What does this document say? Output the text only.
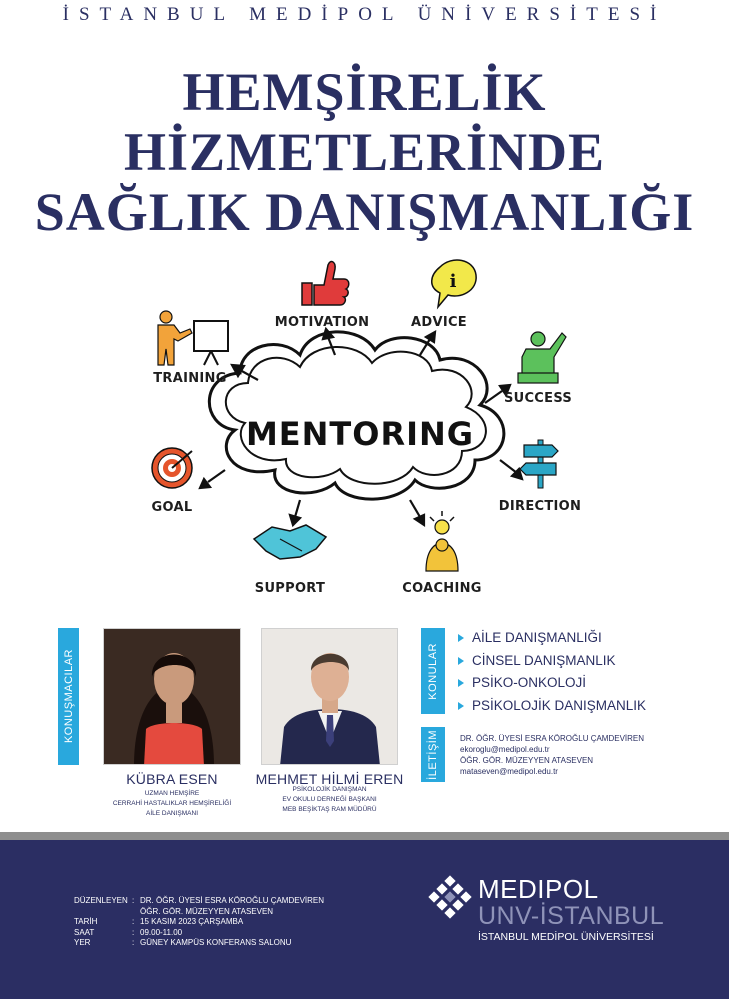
İSTANBUL MEDİPOL ÜNİVERSİTESİ
HEMŞİRELİK
HİZMETLERİNDE
SAĞLIK DANIŞMANLIĞI
MENTORING
MOTIVATION
i
ADVICE
TRAINING
SUCCESS
GOAL	DIRECTION
SUPPORT	COACHING
KONUŞMACILAR
KÜBRA ESEN
UZMAN HEMŞİRE
CERRAHİ HASTALIKLAR HEMŞİRELİĞİ
AİLE DANIŞMANI
MEHMET HİLMİ EREN
PSİKOLOJİK DANIŞMAN
EV OKULU DERNEĞİ BAŞKANI
MEB BEŞİKTAŞ RAM MÜDÜRÜ
KONULAR
AİLE DANIŞMANLIĞI
CİNSEL DANIŞMANLIK
PSİKO-ONKOLOJİ
PSİKOLOJİK DANIŞMANLIK
İLETİŞİM	DR. ÖĞR. ÜYESİ ESRA KÖROĞLU ÇAMDEVİREN
ekoroglu@medipol.edu.tr
ÖĞR. GÖR. MÜZEYYEN ATASEVEN
mataseven@medipol.edu.tr
DÜZENLEYEN : DR. ÖĞR. ÜYESİ ESRA KÖROĞLU ÇAMDEVİREN
ÖĞR. GÖR. MÜZEYYEN ATASEVEN
TARİH	: 15 KASIM 2023 ÇARŞAMBA
SAAT	: 09.00-11.00
YER	: GÜNEY KAMPÜS KONFERANS SALONU
MEDIPOL
UNV-İSTANBUL
İSTANBUL MEDİPOL ÜNİVERSİTESİ
